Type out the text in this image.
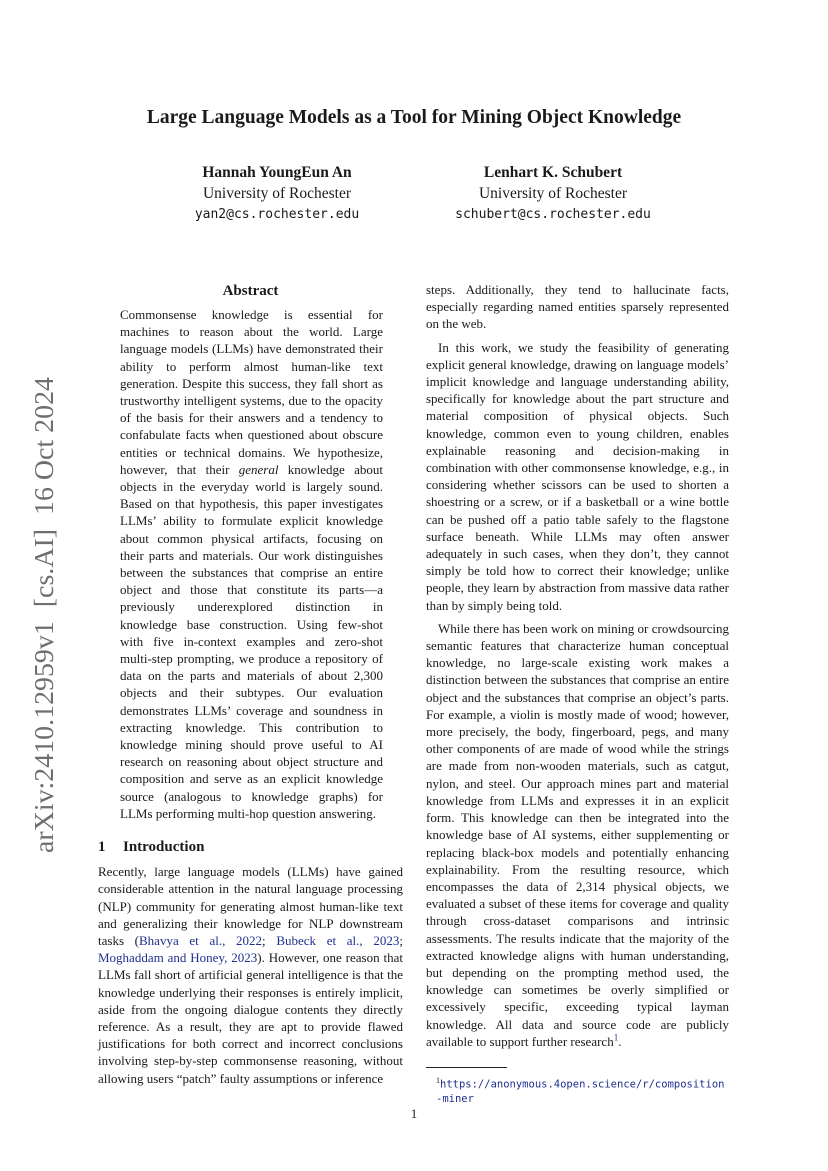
Large Language Models as a Tool for Mining Object Knowledge
Hannah YoungEun An
University of Rochester
yan2@cs.rochester.edu
Lenhart K. Schubert
University of Rochester
schubert@cs.rochester.edu
arXiv:2410.12959v1  [cs.AI]  16 Oct 2024
Abstract

Commonsense knowledge is essential for machines to reason about the world. Large language models (LLMs) have demonstrated their ability to perform almost human-like text generation. Despite this success, they fall short as trustworthy intelligent systems, due to the opacity of the basis for their answers and a tendency to confabulate facts when questioned about obscure entities or technical domains. We hypothesize, however, that their general knowledge about objects in the everyday world is largely sound. Based on that hypothesis, this paper investigates LLMs’ ability to formulate explicit knowledge about common physical artifacts, focusing on their parts and materials. Our work distinguishes between the substances that comprise an entire object and those that constitute its parts—a previously underexplored distinction in knowledge base construction. Using few-shot with five in-context examples and zero-shot multi-step prompting, we produce a repository of data on the parts and materials of about 2,300 objects and their subtypes. Our evaluation demonstrates LLMs’ coverage and soundness in extracting knowledge. This contribution to knowledge mining should prove useful to AI research on reasoning about object structure and composition and serve as an explicit knowledge source (analogous to knowledge graphs) for LLMs performing multi-hop question answering.

1 Introduction

Recently, large language models (LLMs) have gained considerable attention in the natural language processing (NLP) community for generating almost human-like text and generalizing their knowledge for NLP downstream tasks (Bhavya et al., 2022; Bubeck et al., 2023; Moghaddam and Honey, 2023). However, one reason that LLMs fall short of artificial general intelligence is that the knowledge underlying their responses is entirely implicit, aside from the ongoing dialogue contents they directly reference. As a result, they are apt to provide flawed justifications for both correct and incorrect conclusions involving step-by-step commonsense reasoning, without allowing users “patch” faulty assumptions or inference

steps. Additionally, they tend to hallucinate facts, especially regarding named entities sparsely represented on the web.

In this work, we study the feasibility of generating explicit general knowledge, drawing on language models’ implicit knowledge and language understanding ability, specifically for knowledge about the part structure and material composition of physical objects. Such knowledge, common even to young children, enables explainable reasoning and decision-making in combination with other commonsense knowledge, e.g., in considering whether scissors can be used to shorten a shoestring or a screw, or if a basketball or a wine bottle can be pushed off a patio table safely to the flagstone surface beneath. While LLMs may often answer adequately in such cases, when they don’t, they cannot simply be told how to correct their knowledge; unlike people, they learn by abstraction from massive data rather than by simply being told.

While there has been work on mining or crowdsourcing semantic features that characterize human conceptual knowledge, no large-scale existing work makes a distinction between the substances that comprise an entire object and the substances that comprise an object’s parts. For example, a violin is mostly made of wood; however, more precisely, the body, fingerboard, pegs, and many other components of are made of wood while the strings are made from non-wooden materials, such as catgut, nylon, and steel. Our approach mines part and material knowledge from LLMs and expresses it in an explicit form. This knowledge can then be integrated into the knowledge base of AI systems, either supplementing or replacing black-box models and potentially enhancing explainability. From the resulting resource, which encompasses the data of 2,314 physical objects, we evaluated a subset of these items for coverage and quality through cross-dataset comparisons and intrinsic assessments. The results indicate that the majority of the extracted knowledge aligns with human understanding, but depending on the prompting method used, the knowledge can sometimes be overly simplified or excessively specific, exceeding typical layman knowledge. All data and source code are publicly available to support further research$^1$.

$^1$https://anonymous.4open.science/r/composition-miner
1
